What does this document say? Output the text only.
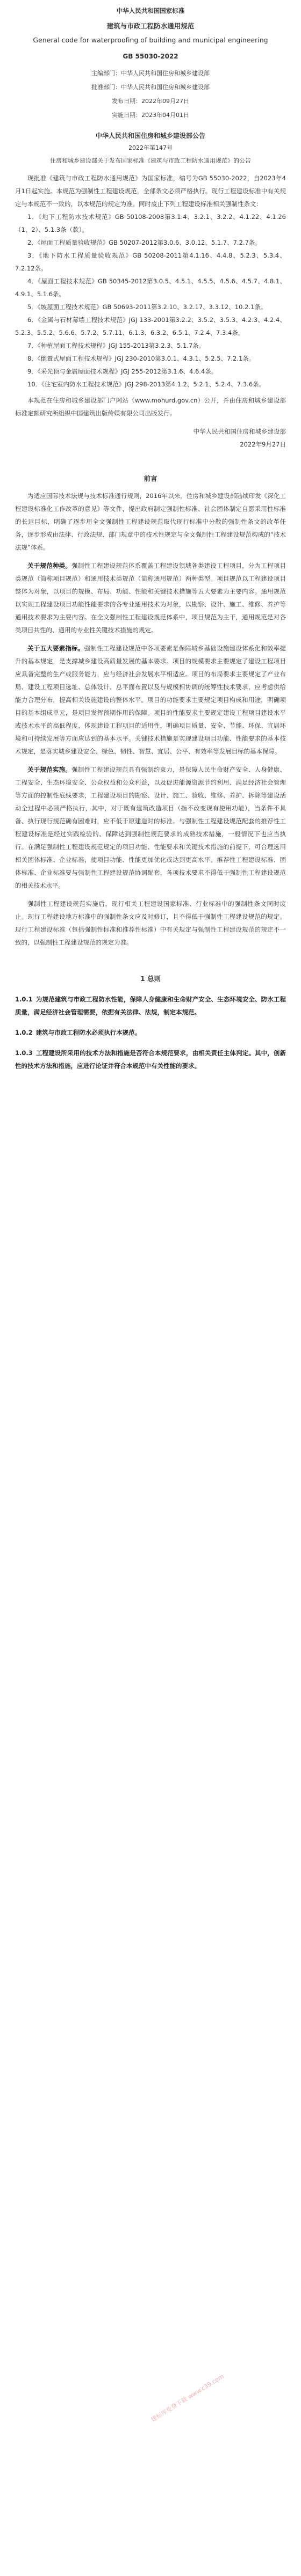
中华人民共和国国家标准

建筑与市政工程防水通用规范

General code for waterproofing of building and municipal engineering

GB 55030-2022

主编部门：中华人民共和国住房和城乡建设部

批准部门：中华人民共和国住房和城乡建设部

发布日期：2022年09月27日

实施日期：2023年04月01日

中华人民共和国住房和城乡建设部公告

2022年第147号

住房和城乡建设部关于发布国家标准《建筑与市政工程防水通用规范》的公告

现批准《建筑与市政工程防水通用规范》为国家标准，编号为GB 55030-2022，自2023年4月1日起实施。本规范为强制性工程建设规范，全部条文必须严格执行。现行工程建设标准中有关规定与本规范不一致的，以本规范的规定为准。同时废止下列工程建设标准相关强制性条文：

1．《地下工程防水技术规范》GB 50108-2008第3.1.4、3.2.1、3.2.2、4.1.22、4.1.26（1、2）、5.1.3条（款）。

2．《屋面工程质量验收规范》GB 50207-2012第3.0.6、3.0.12、5.1.7、7.2.7条。

3．《地下防水工程质量验收规范》GB 50208-2011第4.1.16、4.4.8、5.2.3、5.3.4、7.2.12条。

4．《屋面工程技术规范》GB 50345-2012第3.0.5、4.5.1、4.5.5、4.5.6、4.5.7、4.8.1、4.9.1、5.1.6条。

5．《坡屋面工程技术规范》GB 50693-2011第3.2.10、3.2.17、3.3.12、10.2.1条。

6．《金属与石材幕墙工程技术规范》JGJ 133-2001第3.2.2、3.5.2、3.5.3、4.2.3、4.2.4、5.2.3、5.5.2、5.6.6、5.7.2、5.7.11、6.1.3、6.3.2、6.5.1、7.2.4、7.3.4条。

7．《种植屋面工程技术规程》JGJ 155-2013第3.2.3、5.1.7条。

8．《倒置式屋面工程技术规程》JGJ 230-2010第3.0.1、4.3.1、5.2.5、7.2.1条。

9．《采光顶与金属屋面技术规程》JGJ 255-2012第3.1.6、4.6.4条。

10．《住宅室内防水工程技术规范》JGJ 298-2013第4.1.2、5.2.1、5.2.4、7.3.6条。

本规范在住房和城乡建设部门户网站（www.mohurd.gov.cn）公开，并由住房和城乡建设部标准定额研究所组织中国建筑出版传媒有限公司出版发行。

中华人民共和国住房和城乡建设部

2022年9月27日

前言

为适应国际技术法规与技术标准通行规则，2016年以来，住房和城乡建设部陆续印发《深化工程建设标准化工作改革的意见》等文件，提出政府制定强制性标准、社会团体制定自愿采用性标准的长远目标，明确了逐步用全文强制性工程建设规范取代现行标准中分散的强制性条文的改革任务，逐步形成由法律、行政法规、部门规章中的技术性规定与全文强制性工程建设规范构成的“技术法规”体系。

关于规范种类。强制性工程建设规范体系覆盖工程建设领域各类建设工程项目，分为工程项目类规范（简称项目规范）和通用技术类规范（简称通用规范）两种类型。项目规范以工程建设项目整体为对象，以项目的规模、布局、功能、性能和关键技术措施等五大要素为主要内容。通用规范以实现工程建设项目功能性能要求的各专业通用技术为对象，以勘察、设计、施工、维修、养护等通用技术要求为主要内容。在全文强制性工程建设规范体系中，项目规范为主干，通用规范是对各类项目共性的、通用的专业性关键技术措施的规定。

关于五大要素指标。强制性工程建设规范中各项要素是保障城乡基础设施建设体系化和效率提升的基本规定，是支撑城乡建设高质量发展的基本要求。项目的规模要求主要规定了建设工程项目应具备完整的生产或服务能力，应与经济社会发展水平相适应。项目的布局要求主要规定了产业布局、建设工程项目选址、总体设计、总平面布置以及与规模相协调的统筹性技术要求，应考虑供给能力合理分布，提高相关设施建设的整体水平。项目的功能要求主要规定项目构成和用途，明确项目的基本组成单元，是项目发挥预期作用的保障。项目的性能要求主要规定建设工程项目建设水平或技术水平的高低程度，体现建设工程项目的适用性，明确项目质量、安全、节能、环保、宜居环境和可持续发展等方面应达到的基本水平。关键技术措施是实现建设项目功能、性能要求的基本技术规定，是落实城乡建设安全、绿色、韧性、智慧、宜居、公平、有效率等发展目标的基本保障。

关于规范实施。强制性工程建设规范具有强制约束力，是保障人民生命财产安全、人身健康、工程安全、生态环境安全、公众权益和公众利益，以及促进能源资源节约利用、满足经济社会管理等方面的控制性底线要求，工程建设项目的勘察、设计、施工、验收、维修、养护、拆除等建设活动全过程中必须严格执行，其中，对于既有建筑改造项目（指不改变现有使用功能），当条件不具备、执行现行规范确有困难时，应不低于原建造时的标准。与强制性工程建设规范配套的推荐性工程建设标准是经过实践检验的、保障达到强制性规范要求的成熟技术措施，一般情况下也应当执行。在满足强制性工程建设规范规定的项目功能、性能要求和关键技术措施的前提下，可合理选用相关团体标准、企业标准，使项目功能、性能更加优化或达到更高水平。推荐性工程建设标准、团体标准、企业标准要与强制性工程建设规范协调配套，各项技术要求不得低于强制性工程建设规范的相关技术水平。

强制性工程建设规范实施后，现行相关工程建设国家标准、行业标准中的强制性条文同时废止。现行工程建设地方标准中的强制性条文应及时修订，且不得低于强制性工程建设规范的规定。现行工程建设标准（包括强制性标准和推荐性标准）中有关规定与强制性工程建设规范的规定不一致的，以强制性工程建设规范的规定为准。

1 总则

1.0.1 为规范建筑与市政工程防水性能，保障人身健康和生命财产安全、生态环境安全、防水工程质量，满足经济社会管理需要，依据有关法律、法规，制定本规范。

1.0.2 建筑与市政工程防水必须执行本规范。

1.0.3 工程建设所采用的技术方法和措施是否符合本规范要求，由相关责任主体判定。其中，创新性的技术方法和措施，应进行论证并符合本规范中有关性能的要求。

建标库免费下载 www.c39.com
